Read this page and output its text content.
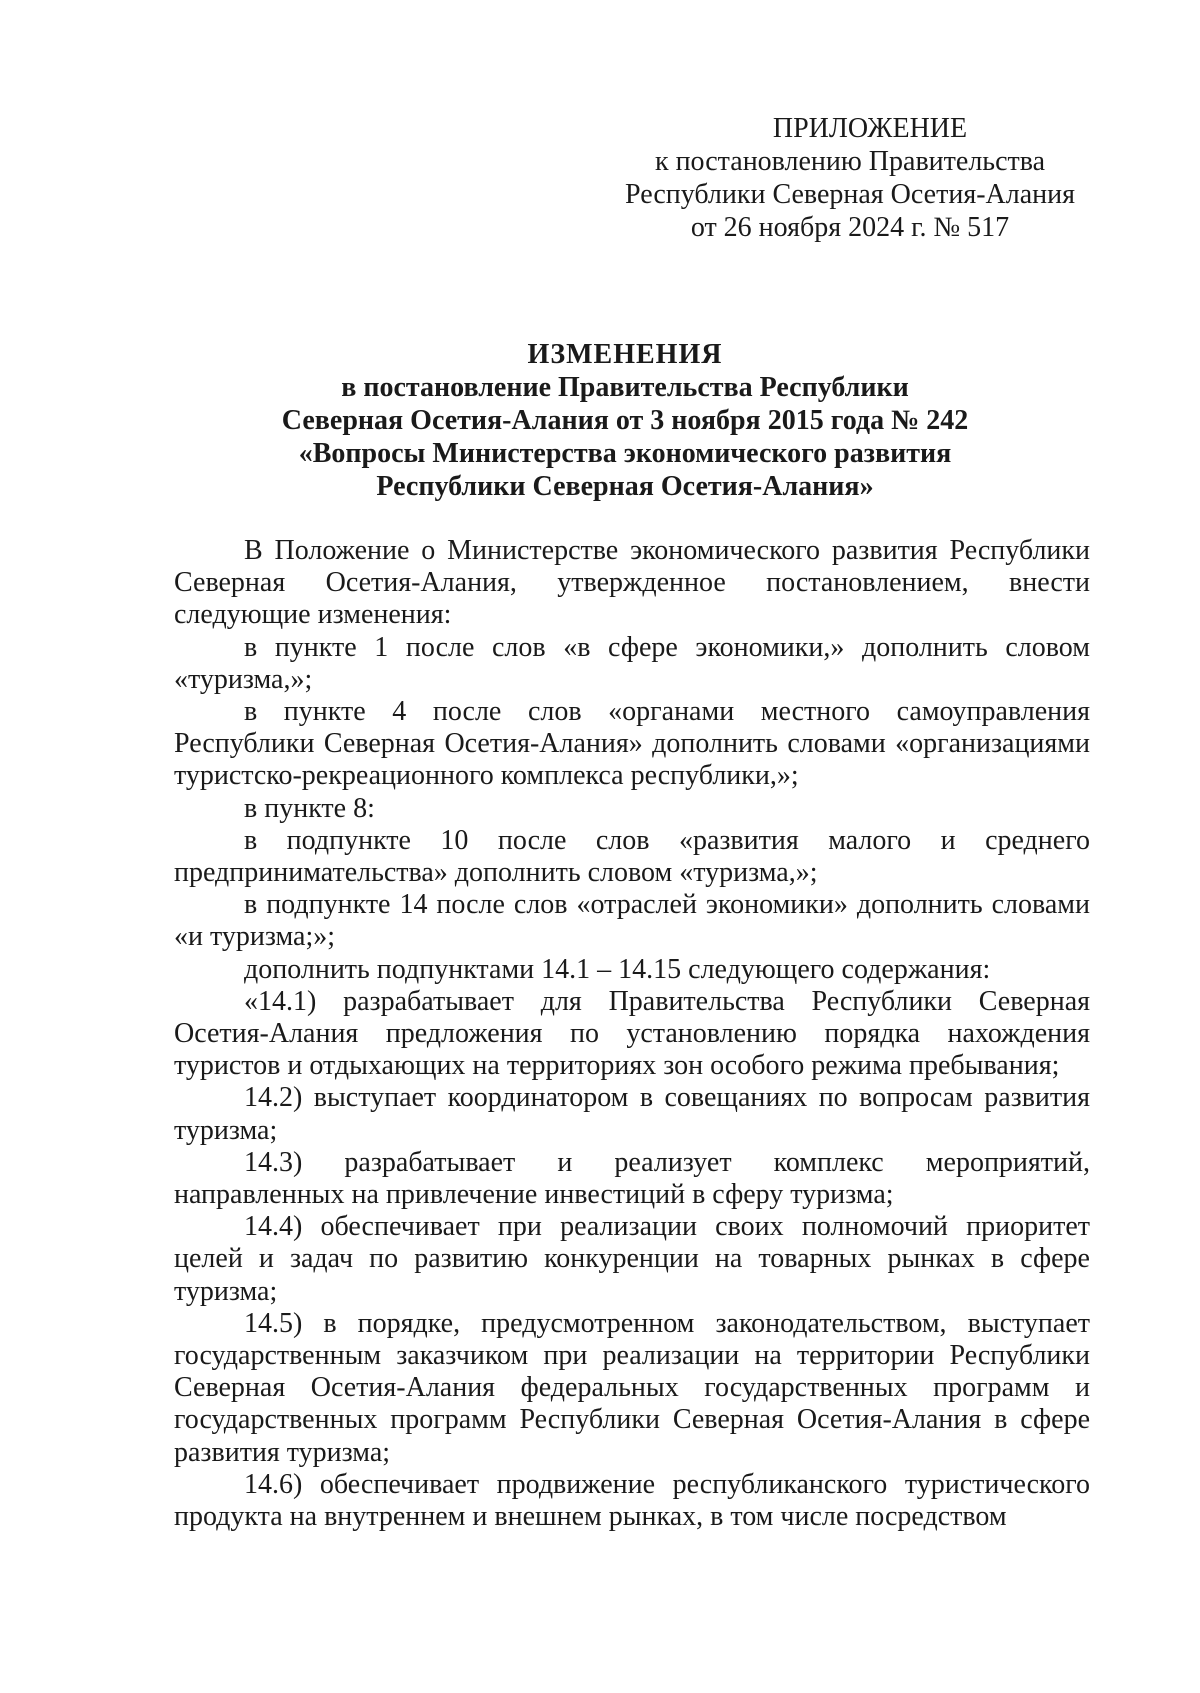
ПРИЛОЖЕНИЕ
к постановлению Правительства
Республики Северная Осетия-Алания
от 26 ноября 2024 г. № 517
ИЗМЕНЕНИЯ
в постановление Правительства Республики
Северная Осетия-Алания от 3 ноября 2015 года № 242
«Вопросы Министерства экономического развития
Республики Северная Осетия-Алания»

В Положение о Министерстве экономического развития Республики Северная Осетия-Алания, утвержденное постановлением, внести следующие изменения:

в пункте 1 после слов «в сфере экономики,» дополнить словом «туризма,»;

в пункте 4 после слов «органами местного самоуправления Республики Северная Осетия-Алания» дополнить словами «организациями туристско-рекреационного комплекса республики,»;

в пункте 8:

в подпункте 10 после слов «развития малого и среднего предпринимательства» дополнить словом «туризма,»;

в подпункте 14 после слов «отраслей экономики» дополнить словами «и туризма;»;

дополнить подпунктами 14.1 – 14.15 следующего содержания:

«14.1) разрабатывает для Правительства Республики Северная Осетия-Алания предложения по установлению порядка нахождения туристов и отдыхающих на территориях зон особого режима пребывания;

14.2) выступает координатором в совещаниях по вопросам развития туризма;

14.3) разрабатывает и реализует комплекс мероприятий, направленных на привлечение инвестиций в сферу туризма;

14.4) обеспечивает при реализации своих полномочий приоритет целей и задач по развитию конкуренции на товарных рынках в сфере туризма;

14.5) в порядке, предусмотренном законодательством, выступает государственным заказчиком при реализации на территории Республики Северная Осетия-Алания федеральных государственных программ и государственных программ Республики Северная Осетия-Алания в сфере развития туризма;

14.6) обеспечивает продвижение республиканского туристического продукта на внутреннем и внешнем рынках, в том числе посредством
